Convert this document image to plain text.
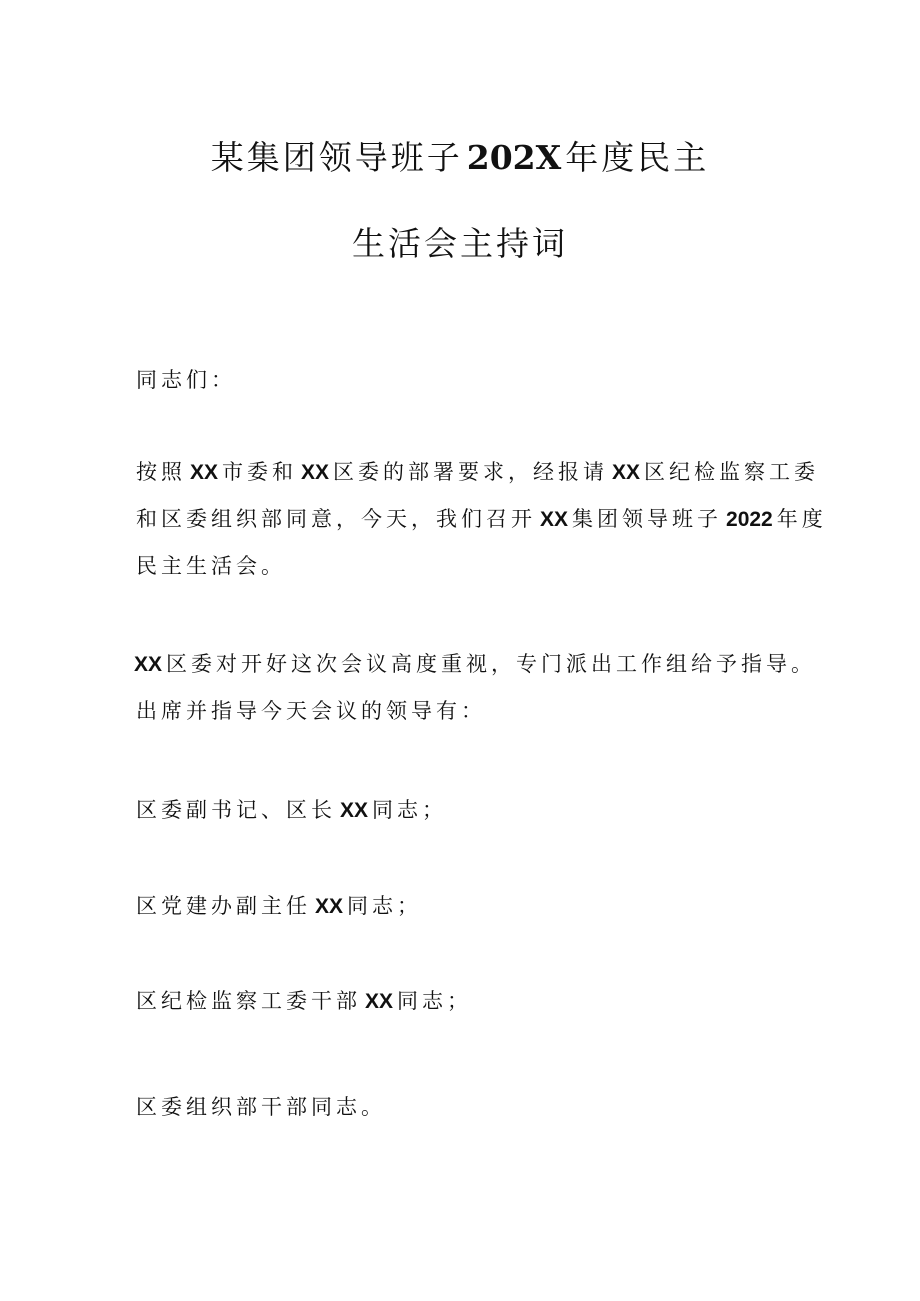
某集团领导班子 202X 年度民主
生活会主持词
同志们：
按照 XX 市委和 XX 区委的部署要求，经报请 XX 区纪检监察工委
和区委组织部同意，今天，我们召开 XX 集团领导班子 2022 年度
民主生活会。
XX 区委对开好这次会议高度重视，专门派出工作组给予指导。
出席并指导今天会议的领导有：
区委副书记、区长 XX 同志；
区党建办副主任 XX 同志；
区纪检监察工委干部 XX 同志；
区委组织部干部同志。
